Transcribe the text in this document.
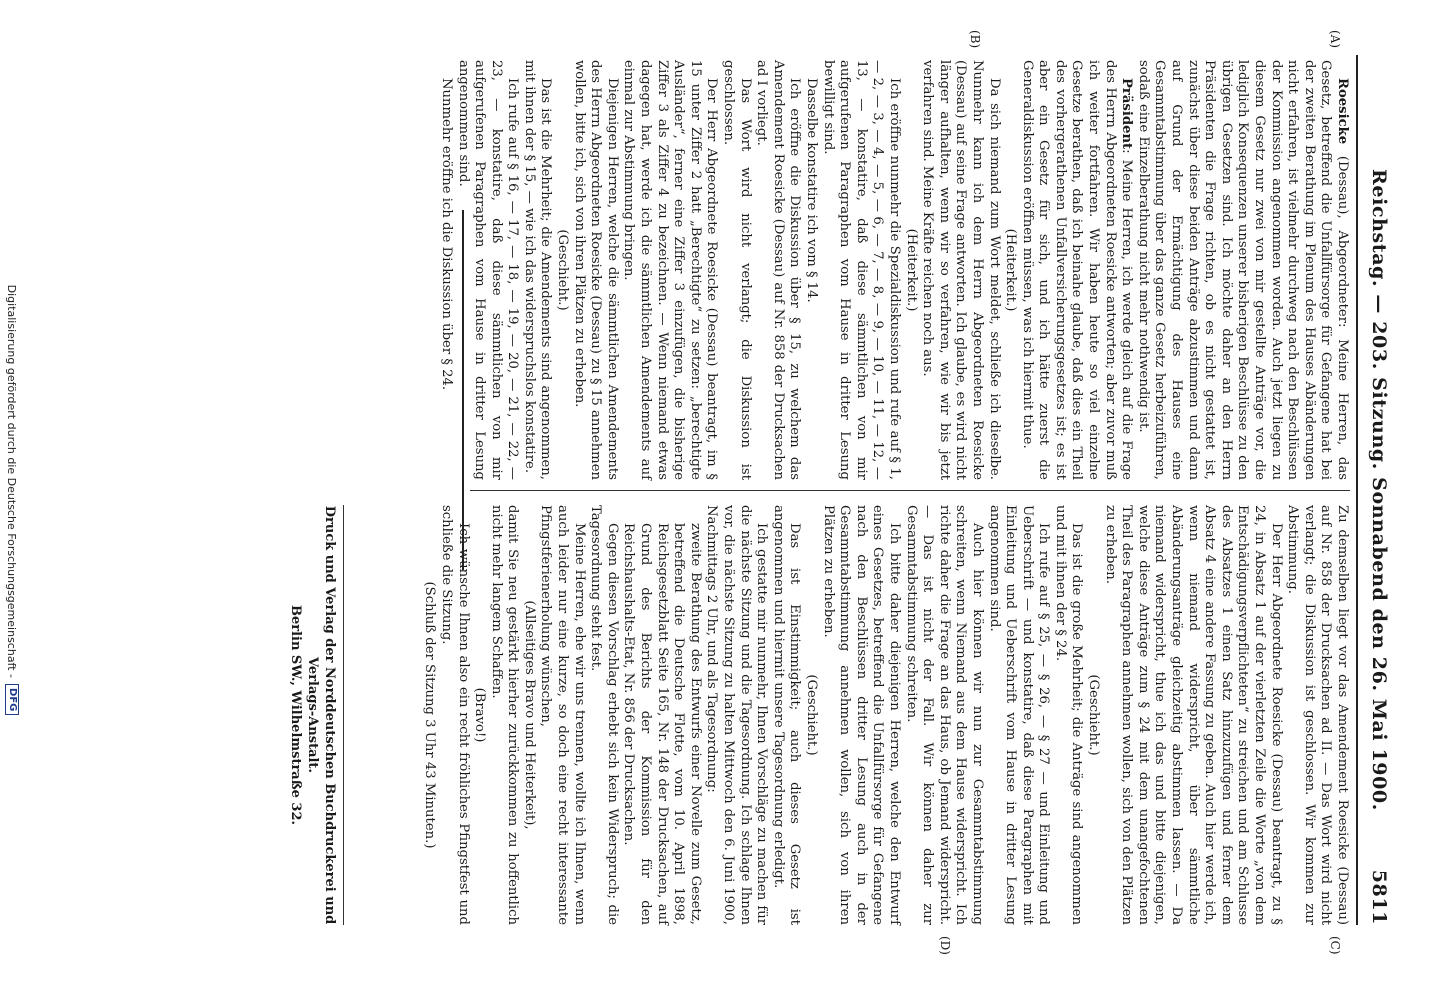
Reichstag. — 203. Sitzung. Sonnabend den 26. Mai 1900.
5811
(A)
(B)
(C)
(D)

Roesicke (Dessau), Abgeordneter: Meine Herren, das Gesetz, betreffend die Unfallfürsorge für Gefangene hat bei der zweiten Berathung im Plenum des Hauses Abänderungen nicht erfahren, ist vielmehr durchweg nach den Beschlüssen der Kommission angenommen worden. Auch jetzt liegen zu diesem Gesetz nur zwei von mir gestellte Anträge vor, die lediglich Konsequenzen unserer bisherigen Beschlüsse zu den übrigen Gesetzen sind. Ich möchte daher an den Herrn Präsidenten die Frage richten, ob es nicht gestattet ist, zunächst über diese beiden Anträge abzustimmen und dann auf Grund der Ermächtigung des Hauses eine Gesammtabstimmung über das ganze Gesetz herbeizuführen, sodaß eine Einzelberathung nicht mehr nothwendig ist.

Präsident: Meine Herren, ich werde gleich auf die Frage des Herrn Abgeordneten Roesicke antworten; aber zuvor muß ich weiter fortfahren. Wir haben heute so viel einzelne Gesetze berathen, daß ich beinahe glaube, daß dies ein Theil des vorhergerathenen Unfallversicherungsgesetzes ist; es ist aber ein Gesetz für sich, und ich hätte zuerst die Generaldiskussion eröffnen müssen, was ich hiermit thue.

(Heiterkeit.)

Da sich niemand zum Wort meldet, schließe ich dieselbe. Nunmehr kann ich dem Herrn Abgeordneten Roesicke (Dessau) auf seine Frage antworten. Ich glaube, es wird nicht länger aufhalten, wenn wir so verfahren, wie wir bis jetzt verfahren sind. Meine Kräfte reichen noch aus.

(Heiterkeit.)

Ich eröffne nunmehr die Spezialdiskussion und rufe auf § 1, — 2, — 3, — 4, — 5, — 6, — 7, — 8, — 9, — 10, — 11, — 12, — 13, — konstatire, daß diese sämmtlichen von mir aufgerufenen Paragraphen vom Hause in dritter Lesung bewilligt sind.

Dasselbe konstatire ich vom § 14.

Ich eröffne die Diskussion über § 15, zu welchem das Amendement Roesicke (Dessau) auf Nr. 858 der Drucksachen ad I vorliegt.

Das Wort wird nicht verlangt; die Diskussion ist geschlossen.

Der Herr Abgeordnete Roesicke (Dessau) beantragt, im § 15 unter Ziffer 2 hatt „Berechtigte“ zu setzen: „berechtigte Ausländer“, ferner eine Ziffer 3 einzufügen, die bisherige Ziffer 3 als Ziffer 4 zu bezeichnen. — Wenn niemand etwas dagegen hat, werde ich die sämmtlichen Amendements auf einmal zur Abstimmung bringen.

Diejenigen Herren, welche die sämmtlichen Amendements des Herrn Abgeordneten Roesicke (Dessau) zu § 15 annehmen wollen, bitte ich, sich von ihren Plätzen zu erheben.

(Geschieht.)

Das ist die Mehrheit; die Amendements sind angenommen, mit ihnen der § 15, — wie ich das widerspruchslos konstatire.

Ich rufe auf § 16, — 17, — 18, — 19, — 20, — 21, — 22, — 23, — konstatire, daß diese sämmtlichen von mir aufgerufenen Paragraphen vom Hause in dritter Lesung angenommen sind.

Nunmehr eröffne ich die Diskussion über § 24.

Zu demselben liegt vor das Amendement Roesicke (Dessau) auf Nr. 858 der Drucksachen ad II. — Das Wort wird nicht verlangt; die Diskussion ist geschlossen. Wir kommen zur Abstimmung.

Der Herr Abgeordnete Roesicke (Dessau) beantragt, zu § 24, in Absatz 1 auf der vierletzten Zeile die Worte „von dem Entschädigungsverpflichteten“ zu streichen und am Schlusse des Absatzes 1 einen Satz hinzuzufügen und ferner dem Absatz 4 eine andere Fassung zu geben. Auch hier werde ich, wenn niemand widerspricht, über sämmtliche Abänderungsanträge gleichzeitig abstimmen lassen. — Da niemand widerspricht, thue ich das und bitte diejenigen, welche diese Anträge zum § 24 mit dem unangefochtenen Theil des Paragraphen annehmen wollen, sich von den Plätzen zu erheben.

(Geschieht.)

Das ist die große Mehrheit; die Anträge sind angenommen und mit ihnen der § 24.

Ich rufe auf § 25, — § 26, — § 27 — und Einleitung und Ueberschrift — und konstatire, daß diese Paragraphen mit Einleitung und Ueberschrift vom Hause in dritter Lesung angenommen sind.

Auch hier können wir nun zur Gesammtabstimmung schreiten, wenn Niemand aus dem Hause widerspricht. Ich richte daher die Frage an das Haus, ob Jemand widerspricht. — Das ist nicht der Fall. Wir können daher zur Gesammtabstimmung schreiten.

Ich bitte daher diejenigen Herren, welche den Entwurf eines Gesetzes, betreffend die Unfallfürsorge für Gefangene nach den Beschlüssen dritter Lesung auch in der Gesammtabstimmung annehmen wollen, sich von ihren Plätzen zu erheben.

(Geschieht.)

Das ist Einstimmigkeit; auch dieses Gesetz ist angenommen und hiermit unsere Tagesordnung erledigt.

Ich gestatte mir nunmehr, Ihnen Vorschläge zu machen für die nächste Sitzung und die Tagesordnung. Ich schlage Ihnen vor, die nächste Sitzung zu halten Mittwoch den 6. Juni 1900, Nachmittags 2 Uhr, und als Tagesordnung:

zweite Berathung des Entwurfs einer Novelle zum Gesetz, betreffend die Deutsche Flotte, vom 10. April 1898, Reichsgesetzblatt Seite 165, Nr. 148 der Drucksachen, auf Grund des Berichts der Kommission für den Reichshaushalts-Etat, Nr. 856 der Drucksachen.

Gegen diesen Vorschlag erhebt sich kein Widerspruch; die Tagesordnung steht fest.

Meine Herren, ehe wir uns trennen, wollte ich Ihnen, wenn auch leider nur eine kurze, so doch eine recht interessante Pfingstferienerholung wünschen,

(Allseitiges Bravo und Heiterkeit),

damit Sie neu gestärkt hierher zurückkommen zu hoffentlich nicht mehr langem Schaffen.

(Bravo!)

Ich wünsche Ihnen also ein recht fröhliches Pfingstfest und schließe die Sitzung.

(Schluß der Sitzung 3 Uhr 43 Minuten.)

Druck und Verlag der Norddeutschen Buchdruckerei und Verlags-Anstalt.
Berlin SW., Wilhelmstraße 32.
Digitalisierung gefördert durch die Deutsche Forschungsgemeinschaft -
DFG
